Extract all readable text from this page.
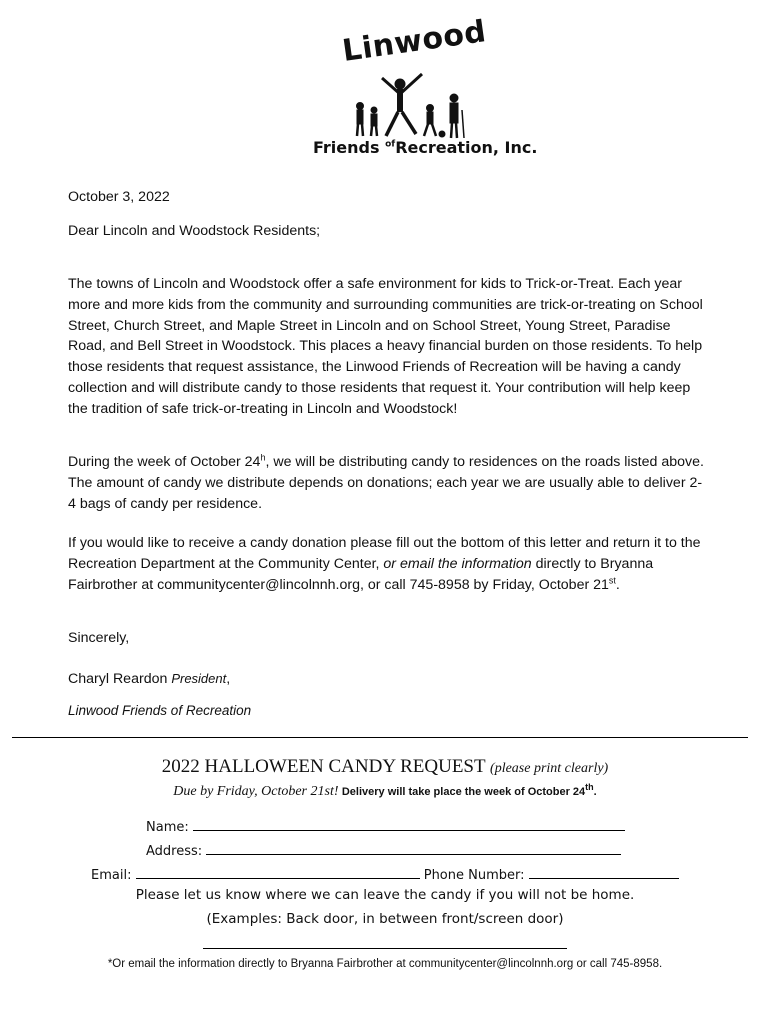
Linwood
Friends $^{of}$Recreation, Inc.

October 3, 2022

Dear Lincoln and Woodstock Residents;

The towns of Lincoln and Woodstock offer a safe environment for kids to Trick-or-Treat. Each year more and more kids from the community and surrounding communities are trick-or-treating on School Street, Church Street, and Maple Street in Lincoln and on School Street, Young Street, Paradise Road, and Bell Street in Woodstock. This places a heavy financial burden on those residents. To help those residents that request assistance, the Linwood Friends of Recreation will be having a candy collection and will distribute candy to those residents that request it. Your contribution will help keep the tradition of safe trick-or-treating in Lincoln and Woodstock!

During the week of October 24$^h$, we will be distributing candy to residences on the roads listed above. The amount of candy we distribute depends on donations; each year we are usually able to deliver 2-4 bags of candy per residence.

If you would like to receive a candy donation please fill out the bottom of this letter and return it to the Recreation Department at the Community Center, or email the information directly to Bryanna Fairbrother at communitycenter@lincolnnh.org, or call 745-8958 by Friday, October 21st.

Sincerely,

Charyl Reardon President,

Linwood Friends of Recreation

2022 HALLOWEEN CANDY REQUEST (please print clearly)
Due by Friday, October 21st! Delivery will take place the week of October 24th.
Name:
Address:
Email:	Phone Number:
Please let us know where we can leave the candy if you will not be home.
(Examples: Back door, in between front/screen door)
*Or email the information directly to Bryanna Fairbrother at communitycenter@lincolnnh.org or call 745-8958.
